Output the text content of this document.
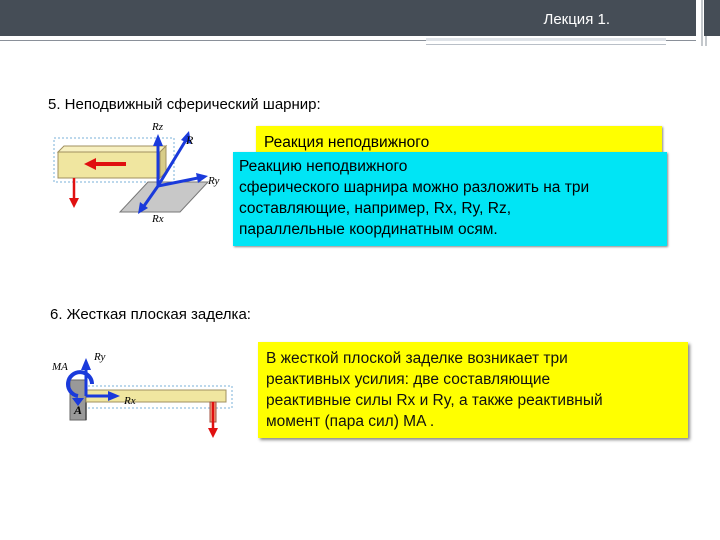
Лекция 1.
5. Неподвижный сферический шарнир:
Rz
R
Ry
Rx
Реакция неподвижного
Реакцию неподвижного
сферического шарнира можно разложить на три
составляющие, например, Rx, Ry, Rz,
параллельные координатным осям.
6. Жесткая плоская заделка:
MA
Ry
Rx
A
В жесткой плоской заделке возникает три
реактивных усилия: две составляющие
реактивные силы Rx и Ry, а также реактивный
момент (пара сил) MA .
